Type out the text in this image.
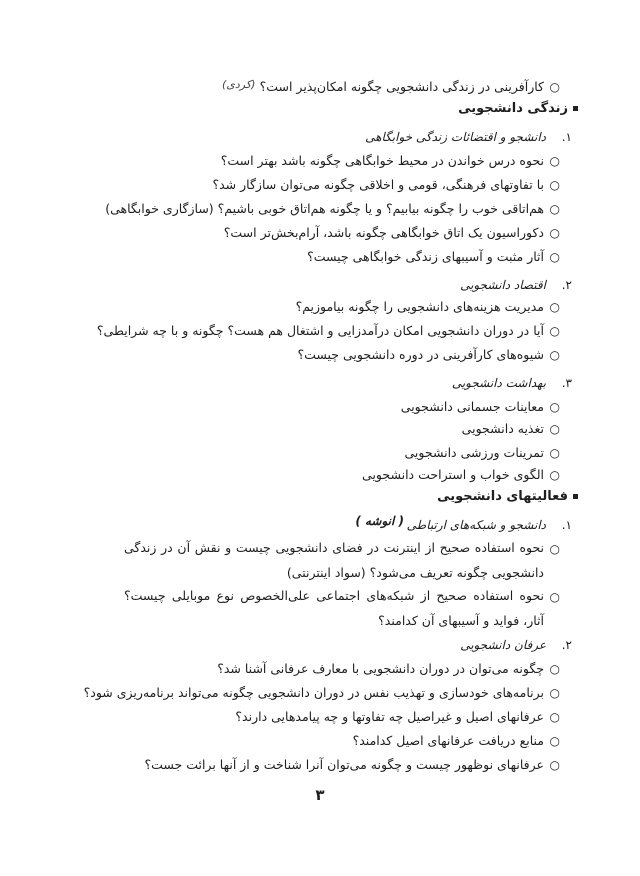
○
کارآفرینی در زندگی دانشجویی چگونه امکان‌پذیر است؟
(کردی)
زندگی دانشجویی
۱.
دانشجو و اقتضائات زندگی خوابگاهی
○
نحوه درس خواندن در محیط خوابگاهی چگونه باشد بهتر است؟
○
با تفاوتهای فرهنگی، قومی و اخلاقی چگونه می‌توان سازگار شد؟
○
هم‌اتاقی خوب را چگونه بیابیم؟ و یا چگونه هم‌اتاق خوبی باشیم؟ (سازگاری خوابگاهی)
○
دکوراسیون یک اتاق خوابگاهی چگونه باشد، آرام‌بخش‌تر است؟
○
آثار مثبت و آسیبهای زندگی خوابگاهی چیست؟
۲.
اقتصاد دانشجویی
○
مدیریت هزینه‌های دانشجویی را چگونه بیاموزیم؟
○
آیا در دوران دانشجویی امکان درآمدزایی و اشتغال هم هست؟ چگونه و با چه شرایطی؟
○
شیوه‌های کارآفرینی در دوره دانشجویی چیست؟
۳.
بهداشت دانشجویی
○
معاینات جسمانی دانشجویی
○
تغذیه دانشجویی
○
تمرینات ورزشی دانشجویی
○
الگوی خواب و استراحت دانشجویی
فعالیتهای دانشجویی
۱.
دانشجو و شبکه‌های ارتباطی
( انوشه )
○
نحوه استفاده صحیح از اینترنت در فضای دانشجویی چیست و نقش آن در زندگی دانشجویی چگونه تعریف می‌شود؟ (سواد اینترنتی)
○
نحوه استفاده صحیح از شبکه‌های اجتماعی علی‌الخصوص نوع موبایلی چیست؟ آثار، فواید و آسیبهای آن کدامند؟
۲.
عرفان دانشجویی
○
چگونه می‌توان در دوران دانشجویی با معارف عرفانی آشنا شد؟
○
برنامه‌های خودسازی و تهذیب نفس در دوران دانشجویی چگونه می‌تواند برنامه‌ریزی شود؟
○
عرفانهای اصیل و غیراصیل چه تفاوتها و چه پیامدهایی دارند؟
○
منابع دریافت عرفانهای اصیل کدامند؟
○
عرفانهای نوظهور چیست و چگونه می‌توان آنرا شناخت و از آنها برائت جست؟
۳
